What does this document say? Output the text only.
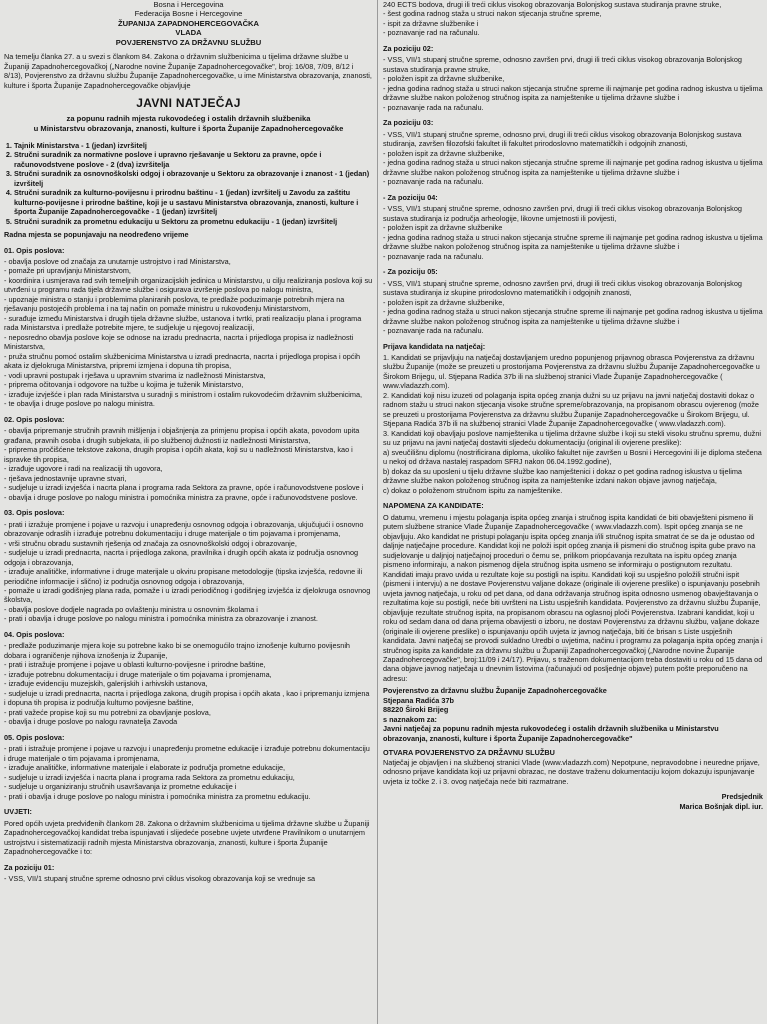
Bosna i Hercegovina
Federacija Bosne i Hercegovine
ŽUPANIJA ZAPADNOHERCEGOVAČKA
VLADA
POVJERENSTVO ZA DRŽAVNU SLUŽBU

Na temelju članka 27. a u svezi s člankom 84. Zakona o državnim službenicima u tijelima državne službe u Županiji Zapadnohercegovačkoj („Narodne novine Županije Zapadnohercegovačke", broj: 16/08, 7/09, 8/12 i 8/13), Povjerenstvo za državnu službu Županije Zapadnohercegovačke, u ime Ministarstva obrazovanja, znanosti, kulture i športa Županije Zapadnohercegovačke objavljuje

JAVNI NATJEČAJ
za popunu radnih mjesta rukovodećeg i ostalih državnih službenika
u Ministarstvu obrazovanja, znanosti, kulture i športa Županije Zapadnohercegovačke
1. Tajnik Ministarstva - 1 (jedan) izvršitelj
2. Stručni suradnik za normativne poslove i upravno rješavanje u Sektoru za pravne, opće i računovodstvene poslove - 2 (dva) izvršitelja
3. Stručni suradnik za osnovnoškolski odgoj i obrazovanje u Sektoru za obrazovanje i znanost - 1 (jedan) izvršitelj
4. Stručni suradnik za kulturno-povijesnu i prirodnu baštinu - 1 (jedan) izvršitelj u Zavodu za zaštitu kulturno-povijesne i prirodne baštine, koji je u sastavu Ministarstva obrazovanja, znanosti, kulture i športa Županije Zapadnohercegovačke - 1 (jedan) izvršitelj
5. Stručni suradnik za prometnu edukaciju u Sektoru za prometnu edukaciju - 1 (jedan) izvršitelj

Radna mjesta se popunjavaju na neodređeno vrijeme

01. Opis poslova:
- obavlja poslove od značaja za unutarnje ustrojstvo i rad Ministarstva,
- pomaže pri upravljanju Ministarstvom,
- koordinira i usmjerava rad svih temeljnih organizacijskih jedinica u Ministarstvu, u cilju realiziranja poslova koji su utvrđeni u programu rada tijela državne službe i osigurava izvršenje poslova po nalogu ministra,
- upoznaje ministra o stanju i problemima planiranih poslova, te predlaže poduzimanje potrebnih mjera na rješavanju postojećih problema i na taj način on pomaže ministru u rukovođenju Ministarstvom,
- surađuje između Ministarstva i drugih tijela državne službe, ustanova i tvrtki, prati realizaciju plana i programa rada Ministarstva i predlaže potrebite mjere, te sudjeluje u njegovoj realizaciji,
- neposredno obavlja poslove koje se odnose na izradu prednacrta, nacrta i prijedloga propisa iz nadležnosti Ministarstva,
- pruža stručnu pomoć ostalim službenicima Ministarstva u izradi prednacrta, nacrta i prijedloga propisa i općih akata iz djelokruga Ministarstva, pripremi izmjena i dopuna tih propisa,
- vodi upravni postupak i rješava u upravnim stvarima iz nadležnosti Ministarstva,
- priprema očitovanja i odgovore na tužbe u kojima je tuženik Ministarstvo,
- izrađuje izvješće i plan rada Ministarstva u suradnji s ministrom i ostalim rukovodećim državnim službenicima,
- te obavlja i druge poslove po nalogu ministra.
02. Opis poslova:
- obavlja pripremanje stručnih pravnih mišljenja i objašnjenja za primjenu propisa i općih akata, povodom upita građana, pravnih osoba i drugih subjekata, ili po službenoj dužnosti iz nadležnosti Ministarstva,
- priprema pročišćene tekstove zakona, drugih propisa i općih akata, koji su u nadležnosti Ministarstva, kao i ispravke tih propisa,
- izrađuje ugovore i radi na realizaciji tih ugovora,
- rješava jednostavnije upravne stvari,
- sudjeluje u izradi izvješća i nacrta plana i programa rada Sektora za pravne, opće i računovodstvene poslove i
- obavlja i druge poslove po nalogu ministra i pomoćnika ministra za pravne, opće i računovodstvene poslove.
03. Opis poslova:
- prati i izražuje promjene i pojave u razvoju i unapređenju osnovnog odgoja i obrazovanja, ukjučujući i osnovno obrazovanje odraslih i izrađuje potrebnu dokumentaciju i druge materijale o tim pojavama i promjenama,
- vrši stručnu obradu sustavnih rješenja od značaja za osnovnoškolski odgoj i obrazovanje,
- sudjeluje u izradi prednacrta, nacrta i prijedloga zakona, pravilnika i drugih općih akata iz područja osnovnog odgoja i obrazovanja,
- izrađuje analitičke, informativne i druge materijale u okviru propisane metodologije (tipska izvješća, redovne ili periodične informacije i slično) iz područja osnovnog odgoja i obrazovanja,
- pomaže u izradi godišnjeg plana rada, pomaže i u izradi periodičnog i godišnjeg izvješća iz djelokruga osnovnog školstva,
- obavlja poslove dodjele nagrada po ovlaštenju ministra u osnovnim školama i
- prati i obavlja i druge poslove po nalogu ministra i pomoćnika ministra za obrazovanje i znanost.
04. Opis poslova:
- predlaže poduzimanje mjera koje su potrebne kako bi se onemogućilo trajno iznošenje kulturno povijesnih dobara i ograničenje njihova iznošenja iz Županije,
- prati i istražuje promjene i pojave u oblasti kulturno-povijesne i prirodne baštine,
- izrađuje potrebnu dokumentaciju i druge materijale o tim pojavama i promjenama,
- izrađuje evidenciju muzejskih, galerijskih i arhivskih ustanova,
- sudjeluje u izradi prednacrta, nacrta i prijedloga zakona, drugih propisa i općih akata , kao i pripremanju izmjena i dopuna tih propisa iz područja kulturno povijesne baštine,
- prati važeće propise koji su mu potrebni za obavljanje poslova,
- obavlja i druge poslove po nalogu ravnatelja Zavoda
05. Opis poslova:
- prati i istražuje promjene i pojave u razvoju i unapređenju prometne edukacije i izrađuje potrebnu dokumentaciju i druge materijale o tim pojavama i promjenama,
- izrađuje analitičke, informativne materijale i elaborate iz područja prometne edukacije,
- sudjeluje u izradi izvješća i nacrta plana i programa rada Sektora za prometnu edukaciju,
- sudjeluje u organiziranju stručnih usavršavanja iz prometne edukacije i
- prati i obavlja i druge poslove po nalogu ministra i pomoćnika ministra za prometnu edukaciju.
UVJETI:

Pored općih uvjeta predviđenih člankom 28. Zakona o državnim službenicima u tijelima državne službe u Županiji Zapadnohercegovačkoj kandidat treba ispunjavati i slijedeće posebne uvjete utvrđene Pravilnikom o unutarnjem ustrojstvu i sistematizaciji radnih mjesta Ministarstva obrazovanja, znanosti, kulture i športa Županije Zapadnohercegovačke i to:

Za poziciju 01:

- VSS, VII/1 stupanj stručne spreme odnosno prvi ciklus visokog obrazovanja koji se vrednuje sa

240 ECTS bodova, drugi ili treći ciklus visokog obrazovanja Bolonjskog sustava studiranja pravne struke,
- šest godina radnog staža u struci nakon stjecanja stručne spreme,
- ispit za državne službenike i
- poznavanje rad na računalu.
Za poziciju 02:
- VSS, VII/1 stupanj stručne spreme, odnosno završen prvi, drugi ili treći ciklus visokog obrazovanja Bolonjskog sustava studiranja pravne struke,
- položen ispit za državne službenike,
- jedna godina radnog staža u struci nakon stjecanja stručne spreme ili najmanje pet godina radnog iskustva u tijelima državne službe nakon položenog stručnog ispita za namještenike u tijelima državne službe i
- poznavanje rada na računalu.
Za poziciju 03:
- VSS, VII/1 stupanj stručne spreme, odnosno prvi, drugi ili treći ciklus visokog obrazovanja Bolonjskog sustava studiranja, završen filozofski fakultet ili fakultet prirodoslovno matematičkih i odgojnih znanosti,
- položen ispit za državne službenike,
- jedna godina radnog staža u struci nakon stjecanja stručne spreme ili najmanje pet godina radnog iskustva u tijelima državne službe nakon položenog stručnog ispita za namještenike u tijelima državne službe i
- poznavanje rada na računalu.
- Za poziciju 04:
- VSS, VII/1 stupanj stručne spreme, odnosno završen prvi, drugi ili treći ciklus visokog obrazovanja Bolonjskog sustava studiranja iz područja arheologije, likovne umjetnosti ili povijesti,
- položen ispit za državne službenike
- jedna godina radnog staža u struci nakon stjecanja stručne spreme ili najmanje pet godina radnog iskustva u tijelima državne službe nakon položenog stručnog ispita za namještenike u tijelima državne službe i
- poznavanje rada na računalu.
- Za poziciju 05:
- VSS, VII/1 stupanj stručne spreme, odnosno završen prvi, drugi ili treći ciklus visokog obrazovanja Bolonjskog sustava studiranja iz skupine prirodoslovno matematičkih i odgojnih znanosti,
- položen ispit za državne službenike,
- jedna godina radnog staža u struci nakon stjecanja stručne spreme ili najmanje pet godina radnog iskustva u tijelima državne službe nakon položenog stručnog ispita za namještenike u tijelima državne službe i
- poznavanje rada na računalu.
Prijava kandidata na natječaj:
1. Kandidati se prijavljuju na natječaj dostavljanjem uredno popunjenog prijavnog obrasca Povjerenstva za državnu službu Županije (može se preuzeti u prostorijama Povjerenstva za državnu službu Županije Zapadnohercegovačke u Širokom Brijegu, ul. Stjepana Radića 37b ili na službenoj stranici Vlade Županije Zapadnohercegovačke ( www.vladazzh.com).
2. Kandidati koji nisu izuzeti od polaganja ispita općeg znanja dužni su uz prijavu na javni natječaj dostaviti dokaz o radnom stažu u struci nakon stjecanja visoke stručne spreme/obrazovanja, na propisanom obrascu ovjerenog (može se preuzeti u prostorijama Povjerenstva za državnu službu Županije Zapadnohercegovačke u Širokom Brijegu, ul. Stjepana Radića 37b ili na službenoj stranici Vlade Županije Zapadnohercegovačke ( www.vladazzh.com).
3. Kandidati koji obavljaju poslove namještenika u tijelima državne službe i koji su stekli visoku stručnu spremu, dužni su uz prijavu na javni natječaj dostaviti sljedeću dokumentaciju (original ili ovjerene preslike):
a) sveučilišnu diplomu (nostrificirana diploma, ukoliko fakultet nije završen u Bosni i Hercegovini ili je diploma stečena u nekoj od država nastalej raspadom SFRJ nakon 06.04.1992.godine),
b) dokaz da su uposleni u tijelu državne službe kao namještenici i dokaz o pet godina radnog iskustva u tijelima državne službe nakon položenog stručnog ispita za namještenike izdani nakon objave javnog natječaja,
c) dokaz o položenom stručnom ispitu za namještenike.
NAPOMENA ZA KANDIDATE:

O datumu, vremenu i mjestu polaganja ispita općeg znanja i stručnog ispita kandidati će biti obavješteni pismeno ili putem službene stranice Vlade Županije Zapadnohercegovačke ( www.vladazzh.com). Ispit općeg znanja se ne objavljuju. Ako kandidat ne pristupi polaganju ispita općeg znanja i/ili stručnog ispita smatrat će se da je odustao od daljnje natječajne procedure. Kandidat koji ne položi ispit općeg znanja ili pismeni dio stručnog ispita gube pravo na sudjelovanje u daljnjoj natječajnoj proceduri o čemu se, prilikom priopćavanja rezultata na ispitu općeg znanja pismeno informiraju, a nakon pismenog dijela stručnog ispita usmeno se informiraju o postignutom rezultatu. Kandidati imaju pravo uvida u rezultate koje su postigli na ispitu. Kandidati koji su uspješno položili stručni ispit (pismeni i intervju) a ne dostave Povjerenstvu valjane dokaze (originale ili ovjerene preslike) o ispunjavanju posebnih uvjeta javnog natječaja, u roku od pet dana, od dana održavanja stručnog ispita odnosno usmenog obavještavanja o rezultatima koje su postigli, neće biti uvršteni na Listu uspješnih kandidata. Povjerenstvo za državnu službu Županije, objavljuje rezultate stručnog ispita, na propisanom obrascu na oglasnoj ploči Povjerenstva. Izabrani kandidat, koji u roku od sedam dana od dana prijema obavijesti o izboru, ne dostavi Povjerenstvu za državnu službu, valjane dokaze (originale ili ovjerene preslike) o ispunjavanju općih uvjeta iz javnog natječaja, biti će brisan s Liste uspješnih kandidata. Javni natječaj se provodi sukladno Uredbi o uvjetima, načinu i programu za polaganja ispita općeg znanja i stručnog ispita za kandidate za državnu službu u Županiji Zapadnohercegovačkoj („Narodne novine Županije Zapadnohercegovačke", broj:11/09 i 24/17). Prijavu, s traženom dokumentacijom treba dostaviti u roku od 15 dana od dana objave javnog natječaja u dnevnim listovima (računajući od posljednje objave) putem pošte preporučeno na adresu:

Povjerenstvo za državnu službu Županije Zapadnohercegovačke
Stjepana Radića 37b
88220 Široki Brijeg
s naznakom za:
Javni natječaj za popunu radnih mjesta rukovodećeg i ostalih državnih službenika u Ministarstvu obrazovanja, znanosti, kulture i športa Županije Zapadnohercegovačke"
OTVARA POVJERENSTVO ZA DRŽAVNU SLUŽBU

Natječaj je objavljen i na službenoj stranici Vlade (www.vladazzh.com) Nepotpune, nepravodobne i neuredne prijave, odnosno prijave kandidata koji uz prijavni obrazac, ne dostave traženu dokumentaciju kojom dokazuju ispunjavanje uvjeta iz točke 2. i 3. ovog natječaja neće biti razmatrane.

Predsjednik
Marica Bošnjak dipl. iur.
